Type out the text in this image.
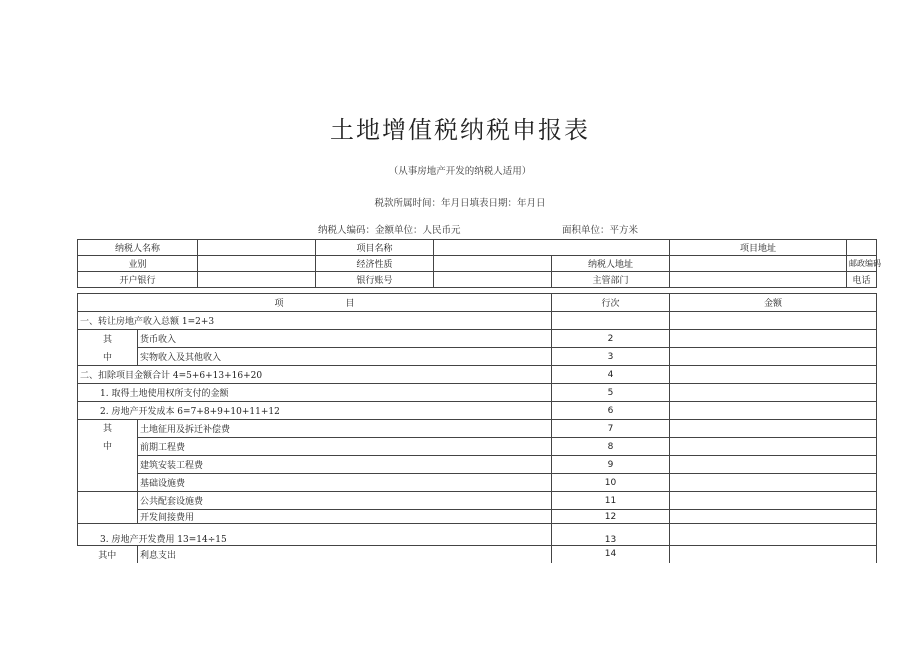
土地增值税纳税申报表
（从事房地产开发的纳税人适用）
税款所属时间：年月日填表日期：年月日
纳税人编码：金额单位：人民币元	面积单位：平方米
纳税人名称		项目名称			项目地址	
业别		经济性质		纳税人地址		邮政编码
开户银行		银行账号		主管部门		电话
项 目		行次	金额
一、转让房地产收入总额 1=2+3			
其	货币收入	2	
中	实物收入及其他收入	3	
二、扣除项目金额合计 4=5+6+13+16+20		4	
1. 取得土地使用权所支付的金额		5	
2. 房地产开发成本 6=7+8+9+10+11+12		6	
其	土地征用及拆迁补偿费	7	
中	前期工程费	8	
	建筑安装工程费	9	
	基础设施费	10	
	公共配套设施费	11	
	开发间接费用	12	
3. 房地产开发费用 13=14÷15		13	
其中	利息支出	14	
